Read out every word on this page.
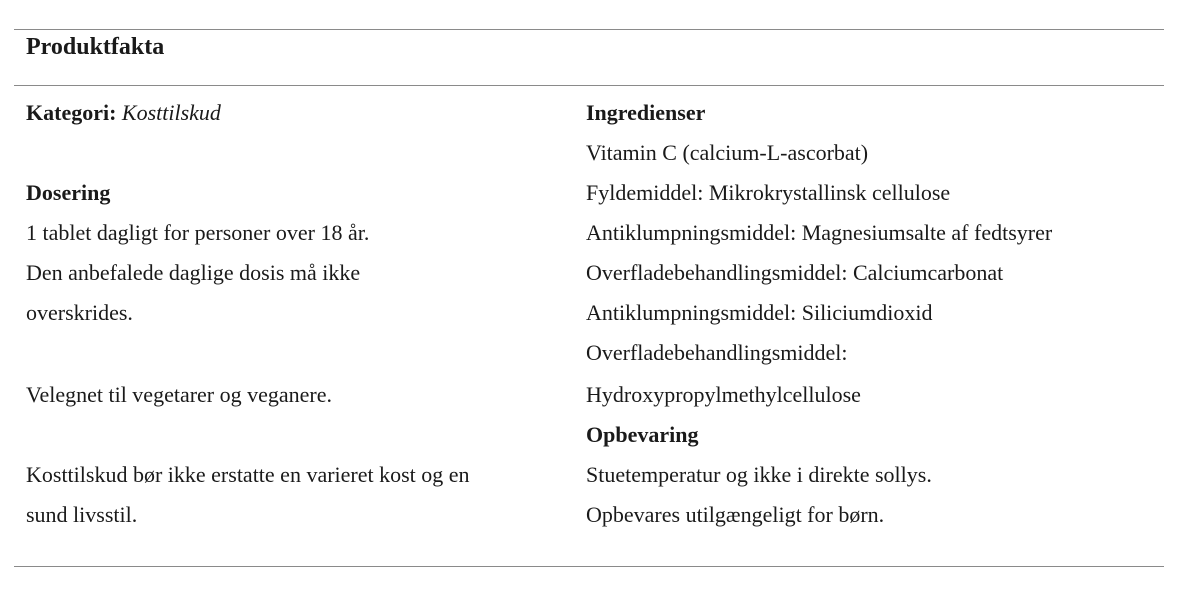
Produktfakta
Kategori: Kosttilskud
Dosering
1 tablet dagligt for personer over 18 år.
Den anbefalede daglige dosis må ikke
overskrides.
Velegnet til vegetarer og veganere.
Kosttilskud bør ikke erstatte en varieret kost og en
sund livsstil.
Ingredienser
Vitamin C (calcium-L-ascorbat)
Fyldemiddel: Mikrokrystallinsk cellulose
Antiklumpningsmiddel: Magnesiumsalte af fedtsyrer
Overfladebehandlingsmiddel: Calciumcarbonat
Antiklumpningsmiddel: Siliciumdioxid
Overfladebehandlingsmiddel:
Hydroxypropylmethylcellulose
Opbevaring
Stuetemperatur og ikke i direkte sollys.
Opbevares utilgængeligt for børn.
